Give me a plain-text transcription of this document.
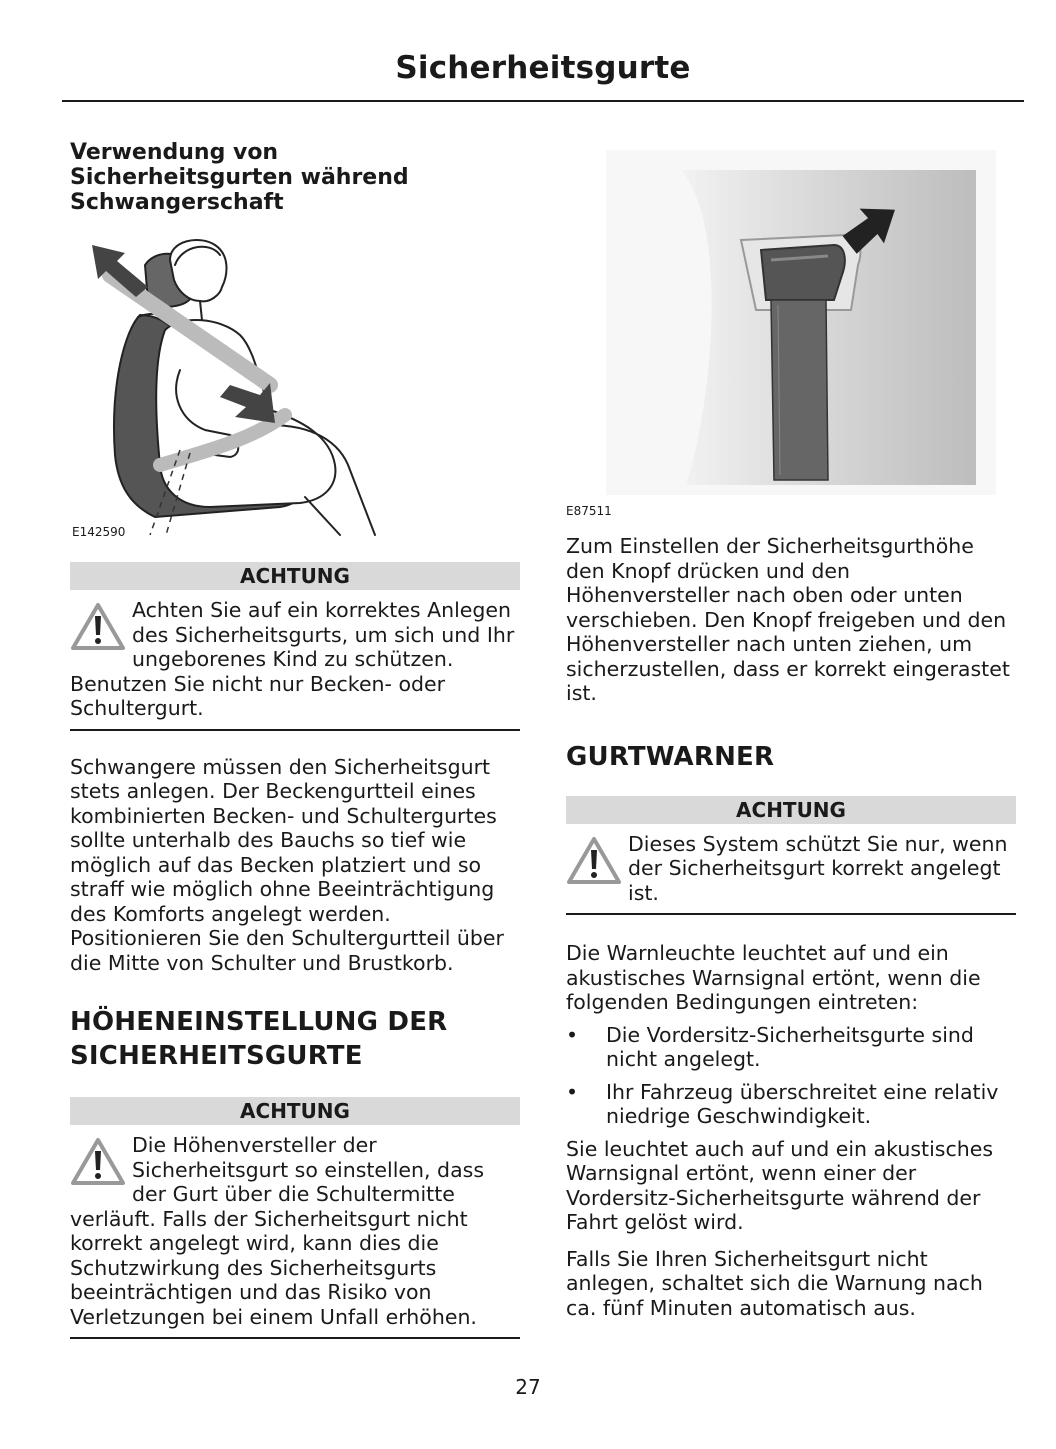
Sicherheitsgurte
Verwendung von Sicherheitsgurten während Schwangerschaft
E142590
ACHTUNG
Achten Sie auf ein korrektes Anlegen des Sicherheitsgurts, um sich und Ihr ungeborenes Kind zu schützen. Benutzen Sie nicht nur Becken- oder Schultergurt.

Schwangere müssen den Sicherheitsgurt stets anlegen. Der Beckengurtteil eines kombinierten Becken- und Schultergurtes sollte unterhalb des Bauchs so tief wie möglich auf das Becken platziert und so straff wie möglich ohne Beeinträchtigung des Komforts angelegt werden. Positionieren Sie den Schultergurtteil über die Mitte von Schulter und Brustkorb.

HÖHENEINSTELLUNG DER SICHERHEITSGURTE
ACHTUNG
Die Höhenversteller der Sicherheitsgurt so einstellen, dass der Gurt über die Schultermitte verläuft. Falls der Sicherheitsgurt nicht korrekt angelegt wird, kann dies die Schutzwirkung des Sicherheitsgurts beeinträchtigen und das Risiko von Verletzungen bei einem Unfall erhöhen.
E87511

Zum Einstellen der Sicherheitsgurthöhe den Knopf drücken und den Höhenversteller nach oben oder unten verschieben. Den Knopf freigeben und den Höhenversteller nach unten ziehen, um sicherzustellen, dass er korrekt eingerastet ist.

GURTWARNER
ACHTUNG
Dieses System schützt Sie nur, wenn der Sicherheitsgurt korrekt angelegt ist.

Die Warnleuchte leuchtet auf und ein akustisches Warnsignal ertönt, wenn die folgenden Bedingungen eintreten:

• Die Vordersitz-Sicherheitsgurte sind nicht angelegt.
• Ihr Fahrzeug überschreitet eine relativ niedrige Geschwindigkeit.

Sie leuchtet auch auf und ein akustisches Warnsignal ertönt, wenn einer der Vordersitz-Sicherheitsgurte während der Fahrt gelöst wird.

Falls Sie Ihren Sicherheitsgurt nicht anlegen, schaltet sich die Warnung nach ca. fünf Minuten automatisch aus.

27
